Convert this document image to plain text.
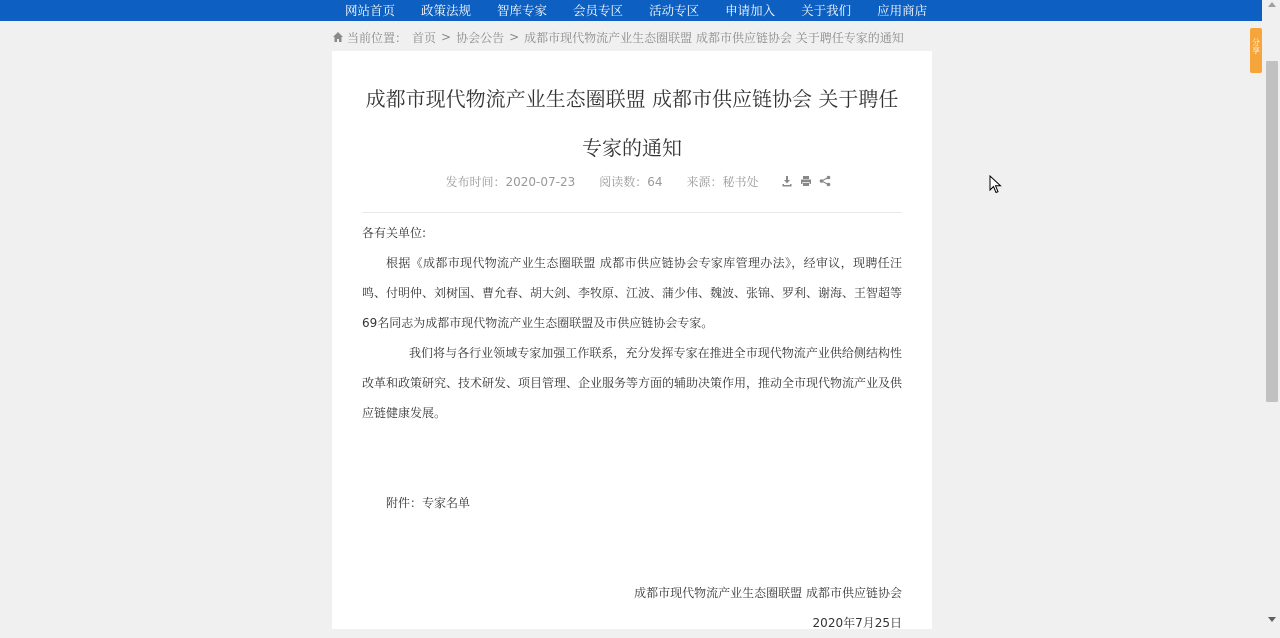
网站首页	政策法规	智库专家	会员专区	活动专区	申请加入	关于我们	应用商店
当前位置： 首页 > 协会公告 > 成都市现代物流产业生态圈联盟 成都市供应链协会 关于聘任专家的通知
成都市现代物流产业生态圈联盟 成都市供应链协会 关于聘任专家的通知
发布时间：2020-07-23 阅读数：64 来源：秘书处

各有关单位:

根据《成都市现代物流产业生态圈联盟 成都市供应链协会专家库管理办法》，经审议，现聘任汪鸣、付明仲、刘树国、曹允春、胡大剑、李牧原、江波、蒲少伟、魏波、张锦、罗利、谢海、王智超等69名同志为成都市现代物流产业生态圈联盟及市供应链协会专家。

我们将与各行业领域专家加强工作联系，充分发挥专家在推进全市现代物流产业供给侧结构性改革和政策研究、技术研发、项目管理、企业服务等方面的辅助决策作用，推动全市现代物流产业及供应链健康发展。

附件：专家名单

成都市现代物流产业生态圈联盟 成都市供应链协会

2020年7月25日

分享
